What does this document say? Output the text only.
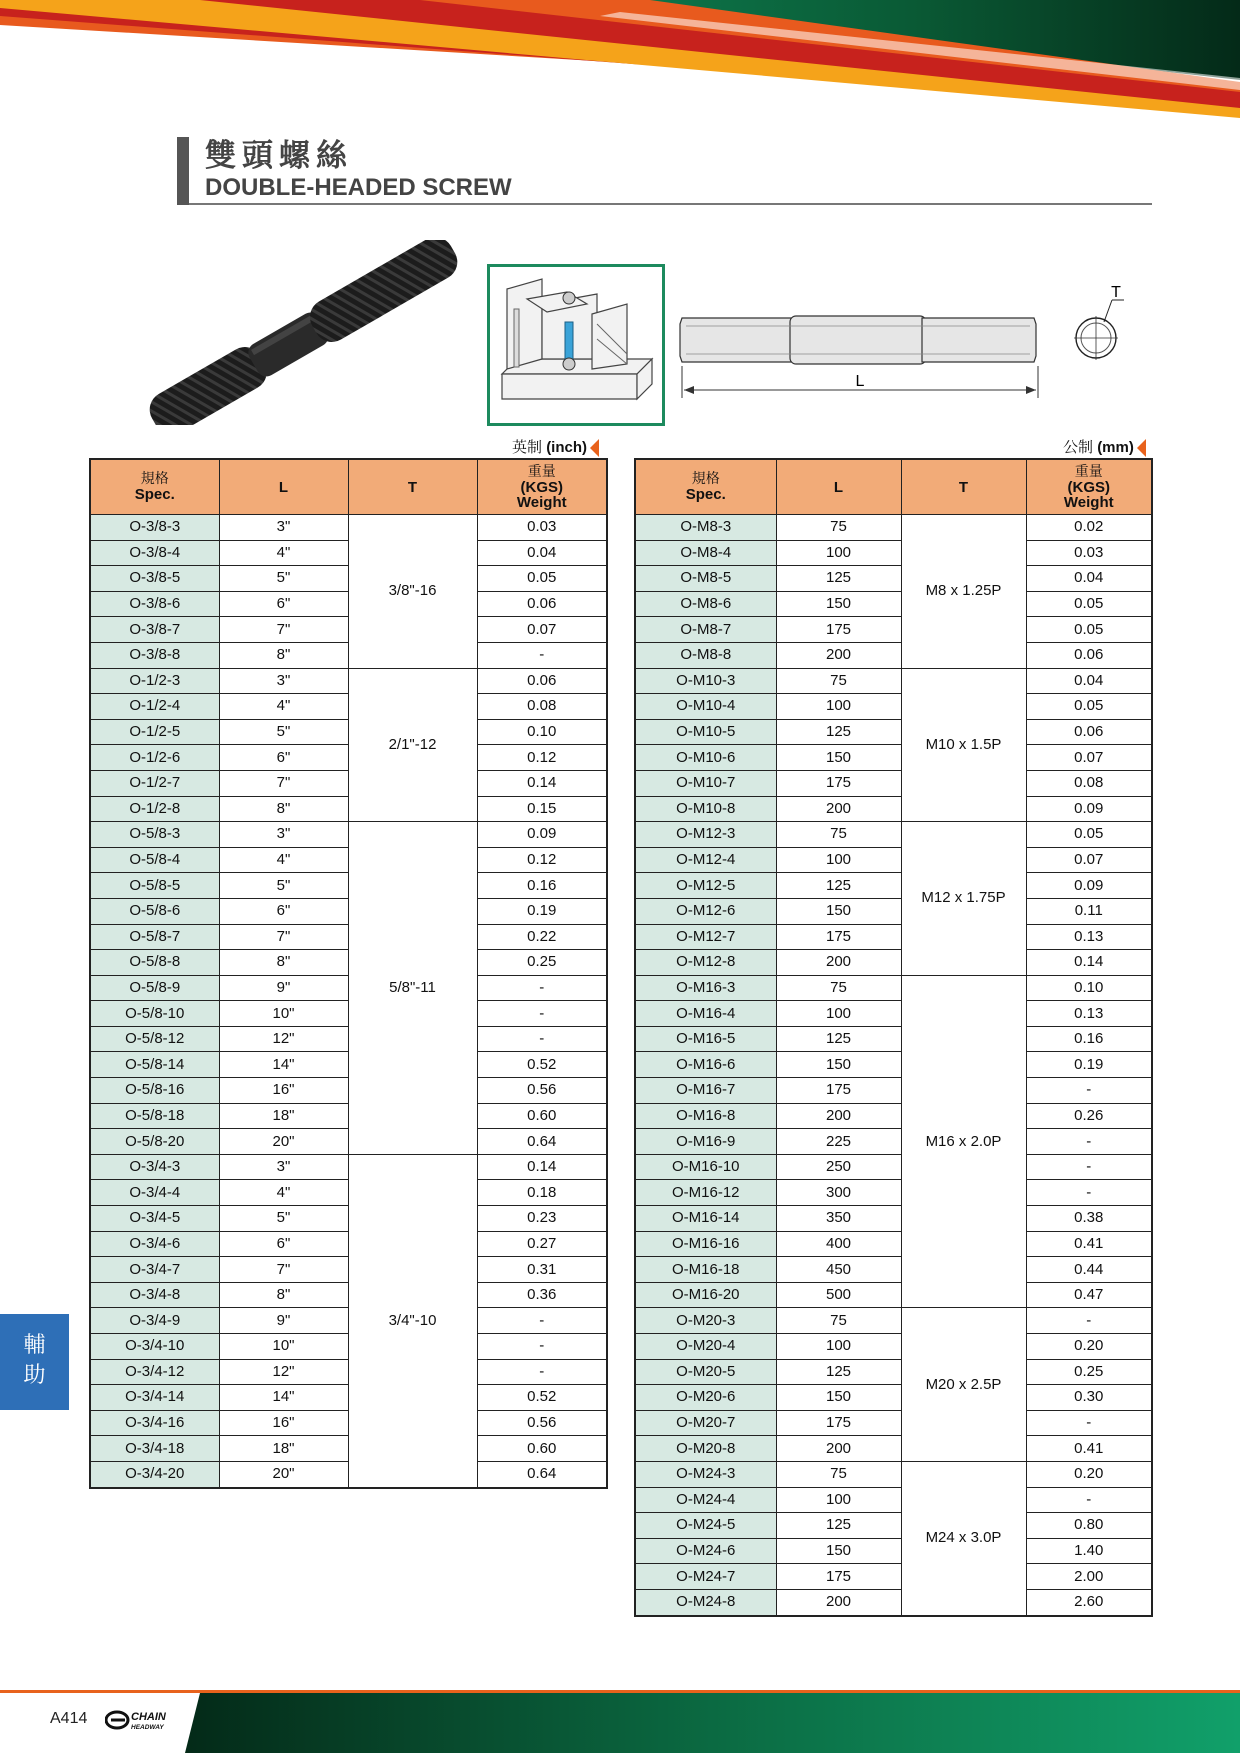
雙頭螺絲
DOUBLE-HEADED SCREW
L
T
英制 (inch)	公制 (mm)
規格
Spec.	L	T	重量
(KGS)
Weight
O-3/8-3	3"	3/8"-16	0.03
O-3/8-4	4"		0.04
O-3/8-5	5"		0.05
O-3/8-6	6"		0.06
O-3/8-7	7"		0.07
O-3/8-8	8"		-
O-1/2-3	3"	2/1"-12	0.06
O-1/2-4	4"		0.08
O-1/2-5	5"		0.10
O-1/2-6	6"		0.12
O-1/2-7	7"		0.14
O-1/2-8	8"		0.15
O-5/8-3	3"	5/8"-11	0.09
O-5/8-4	4"		0.12
O-5/8-5	5"		0.16
O-5/8-6	6"		0.19
O-5/8-7	7"		0.22
O-5/8-8	8"		0.25
O-5/8-9	9"		-
O-5/8-10	10"		-
O-5/8-12	12"		-
O-5/8-14	14"		0.52
O-5/8-16	16"		0.56
O-5/8-18	18"		0.60
O-5/8-20	20"		0.64
O-3/4-3	3"	3/4"-10	0.14
O-3/4-4	4"		0.18
O-3/4-5	5"		0.23
O-3/4-6	6"		0.27
O-3/4-7	7"		0.31
O-3/4-8	8"		0.36
O-3/4-9	9"		-
O-3/4-10	10"		-
O-3/4-12	12"		-
O-3/4-14	14"		0.52
O-3/4-16	16"		0.56
O-3/4-18	18"		0.60
O-3/4-20	20"		0.64
規格
Spec.	L	T	重量
(KGS)
Weight
O-M8-3	75	M8 x 1.25P	0.02
O-M8-4	100		0.03
O-M8-5	125		0.04
O-M8-6	150		0.05
O-M8-7	175		0.05
O-M8-8	200		0.06
O-M10-3	75	M10 x 1.5P	0.04
O-M10-4	100		0.05
O-M10-5	125		0.06
O-M10-6	150		0.07
O-M10-7	175		0.08
O-M10-8	200		0.09
O-M12-3	75	M12 x 1.75P	0.05
O-M12-4	100		0.07
O-M12-5	125		0.09
O-M12-6	150		0.11
O-M12-7	175		0.13
O-M12-8	200		0.14
O-M16-3	75	M16 x 2.0P	0.10
O-M16-4	100		0.13
O-M16-5	125		0.16
O-M16-6	150		0.19
O-M16-7	175		-
O-M16-8	200		0.26
O-M16-9	225		-
O-M16-10	250		-
O-M16-12	300		-
O-M16-14	350		0.38
O-M16-16	400		0.41
O-M16-18	450		0.44
O-M16-20	500		0.47
O-M20-3	75	M20 x 2.5P	-
O-M20-4	100		0.20
O-M20-5	125		0.25
O-M20-6	150		0.30
O-M20-7	175		-
O-M20-8	200		0.41
O-M24-3	75	M24 x 3.0P	0.20
O-M24-4	100		-
O-M24-5	125		0.80
O-M24-6	150		1.40
O-M24-7	175		2.00
O-M24-8	200		2.60
輔
助
A414	CHAIN
HEADWAY
